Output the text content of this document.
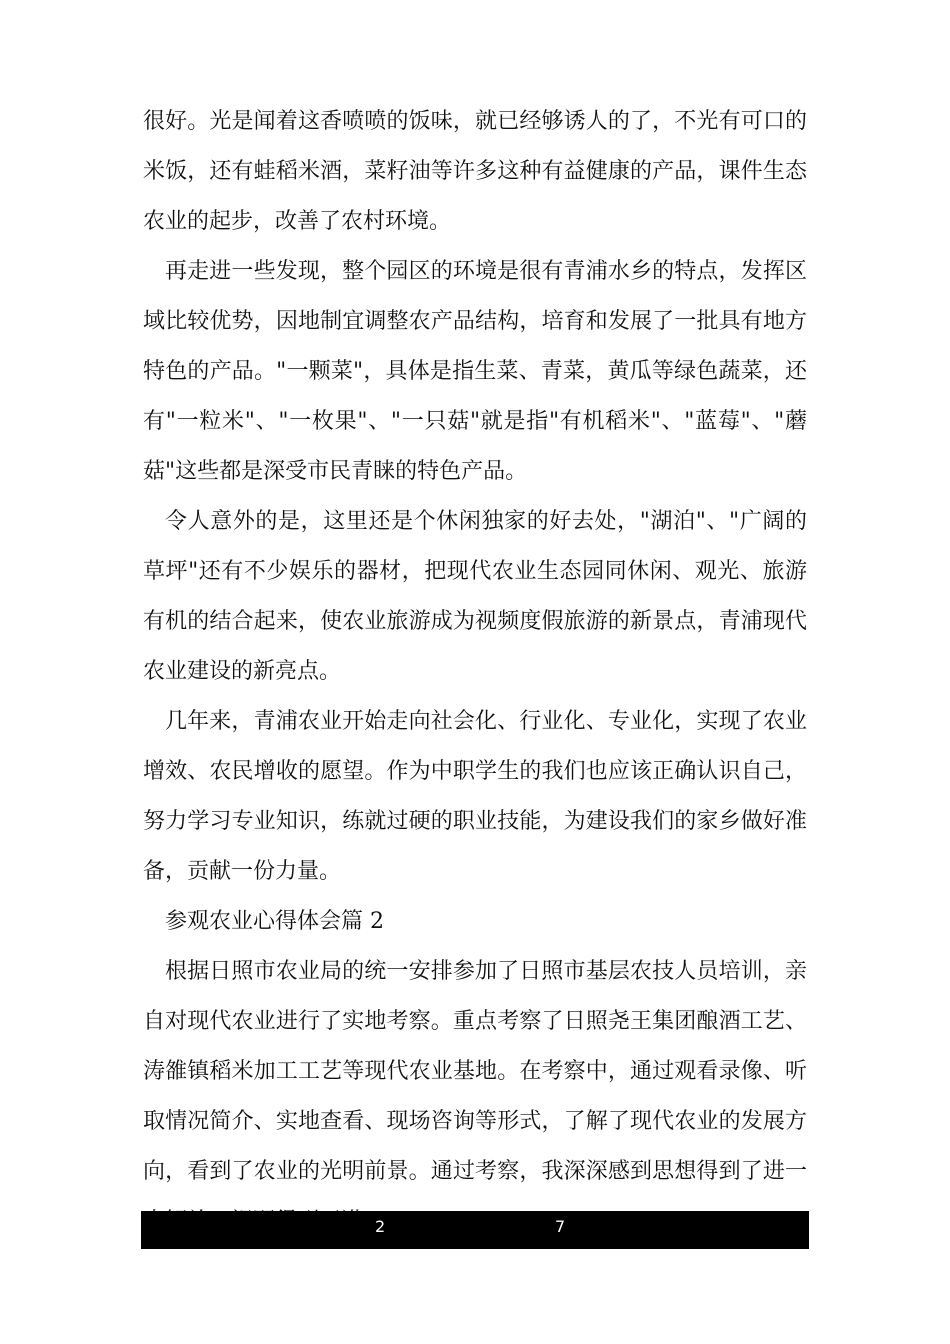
很好。光是闻着这香喷喷的饭味，就已经够诱人的了，不光有可口的米饭，还有蛙稻米酒，菜籽油等许多这种有益健康的产品，课件生态农业的起步，改善了农村环境。

再走进一些发现，整个园区的环境是很有青浦水乡的特点，发挥区域比较优势，因地制宜调整农产品结构，培育和发展了一批具有地方特色的产品。"一颗菜"，具体是指生菜、青菜，黄瓜等绿色蔬菜，还有"一粒米"、"一枚果"、"一只菇"就是指"有机稻米"、"蓝莓"、"蘑菇"这些都是深受市民青睐的特色产品。

令人意外的是，这里还是个休闲独家的好去处，"湖泊"、"广阔的草坪"还有不少娱乐的器材，把现代农业生态园同休闲、观光、旅游有机的结合起来，使农业旅游成为视频度假旅游的新景点，青浦现代农业建设的新亮点。

几年来，青浦农业开始走向社会化、行业化、专业化，实现了农业增效、农民增收的愿望。作为中职学生的我们也应该正确认识自己，努力学习专业知识，练就过硬的职业技能，为建设我们的家乡做好准备，贡献一份力量。

参观农业心得体会篇 2

根据日照市农业局的统一安排参加了日照市基层农技人员培训，亲自对现代农业进行了实地考察。重点考察了日照尧王集团酿酒工艺、涛雒镇稻米加工工艺等现代农业基地。在考察中，通过观看录像、听取情况简介、实地查看、现场咨询等形式，了解了现代农业的发展方向，看到了农业的光明前景。通过考察，我深深感到思想得到了进一

2	7
